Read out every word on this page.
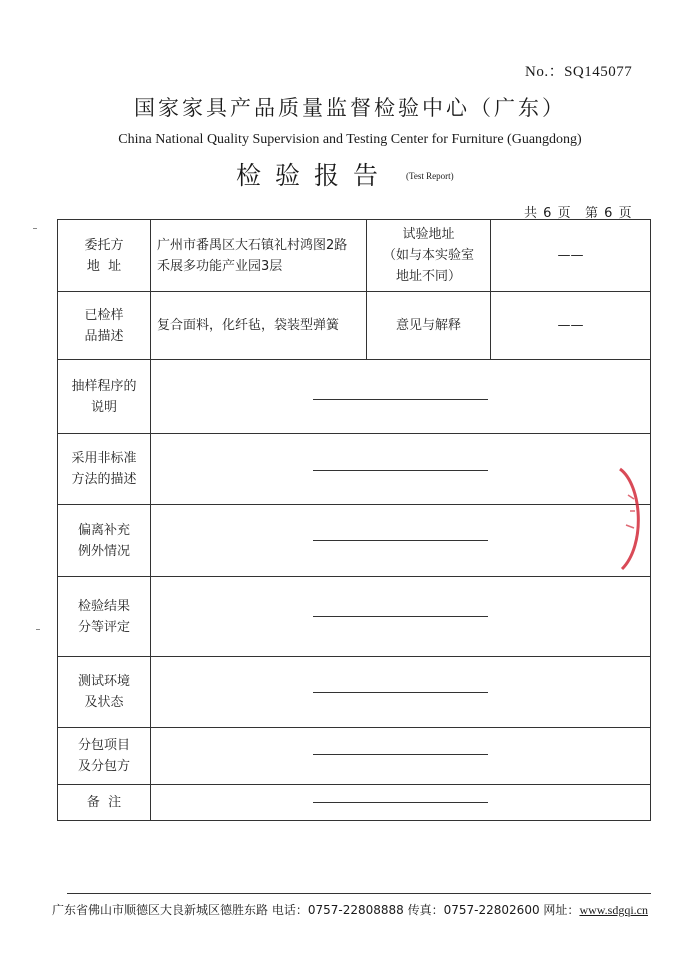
No.：SQ145077
国家家具产品质量监督检验中心（广东）
China National Quality Supervision and Testing Center for Furniture (Guangdong)
检验报告 (Test Report)
共 6 页 第 6 页
委托方
地  址
广州市番禺区大石镇礼村鸿图2路
禾展多功能产业园3层
试验地址
（如与本实验室
地址不同）
——
已检样
品描述
复合面料，化纤毡，袋装型弹簧	意见与解释	——
抽样程序的
说明
采用非标准
方法的描述
偏离补充
例外情况
检验结果
分等评定
测试环境
及状态
分包项目
及分包方
备  注
广东省佛山市顺德区大良新城区德胜东路 电话：0757-22808888 传真：0757-22802600 网址：www.sdgqi.cn
